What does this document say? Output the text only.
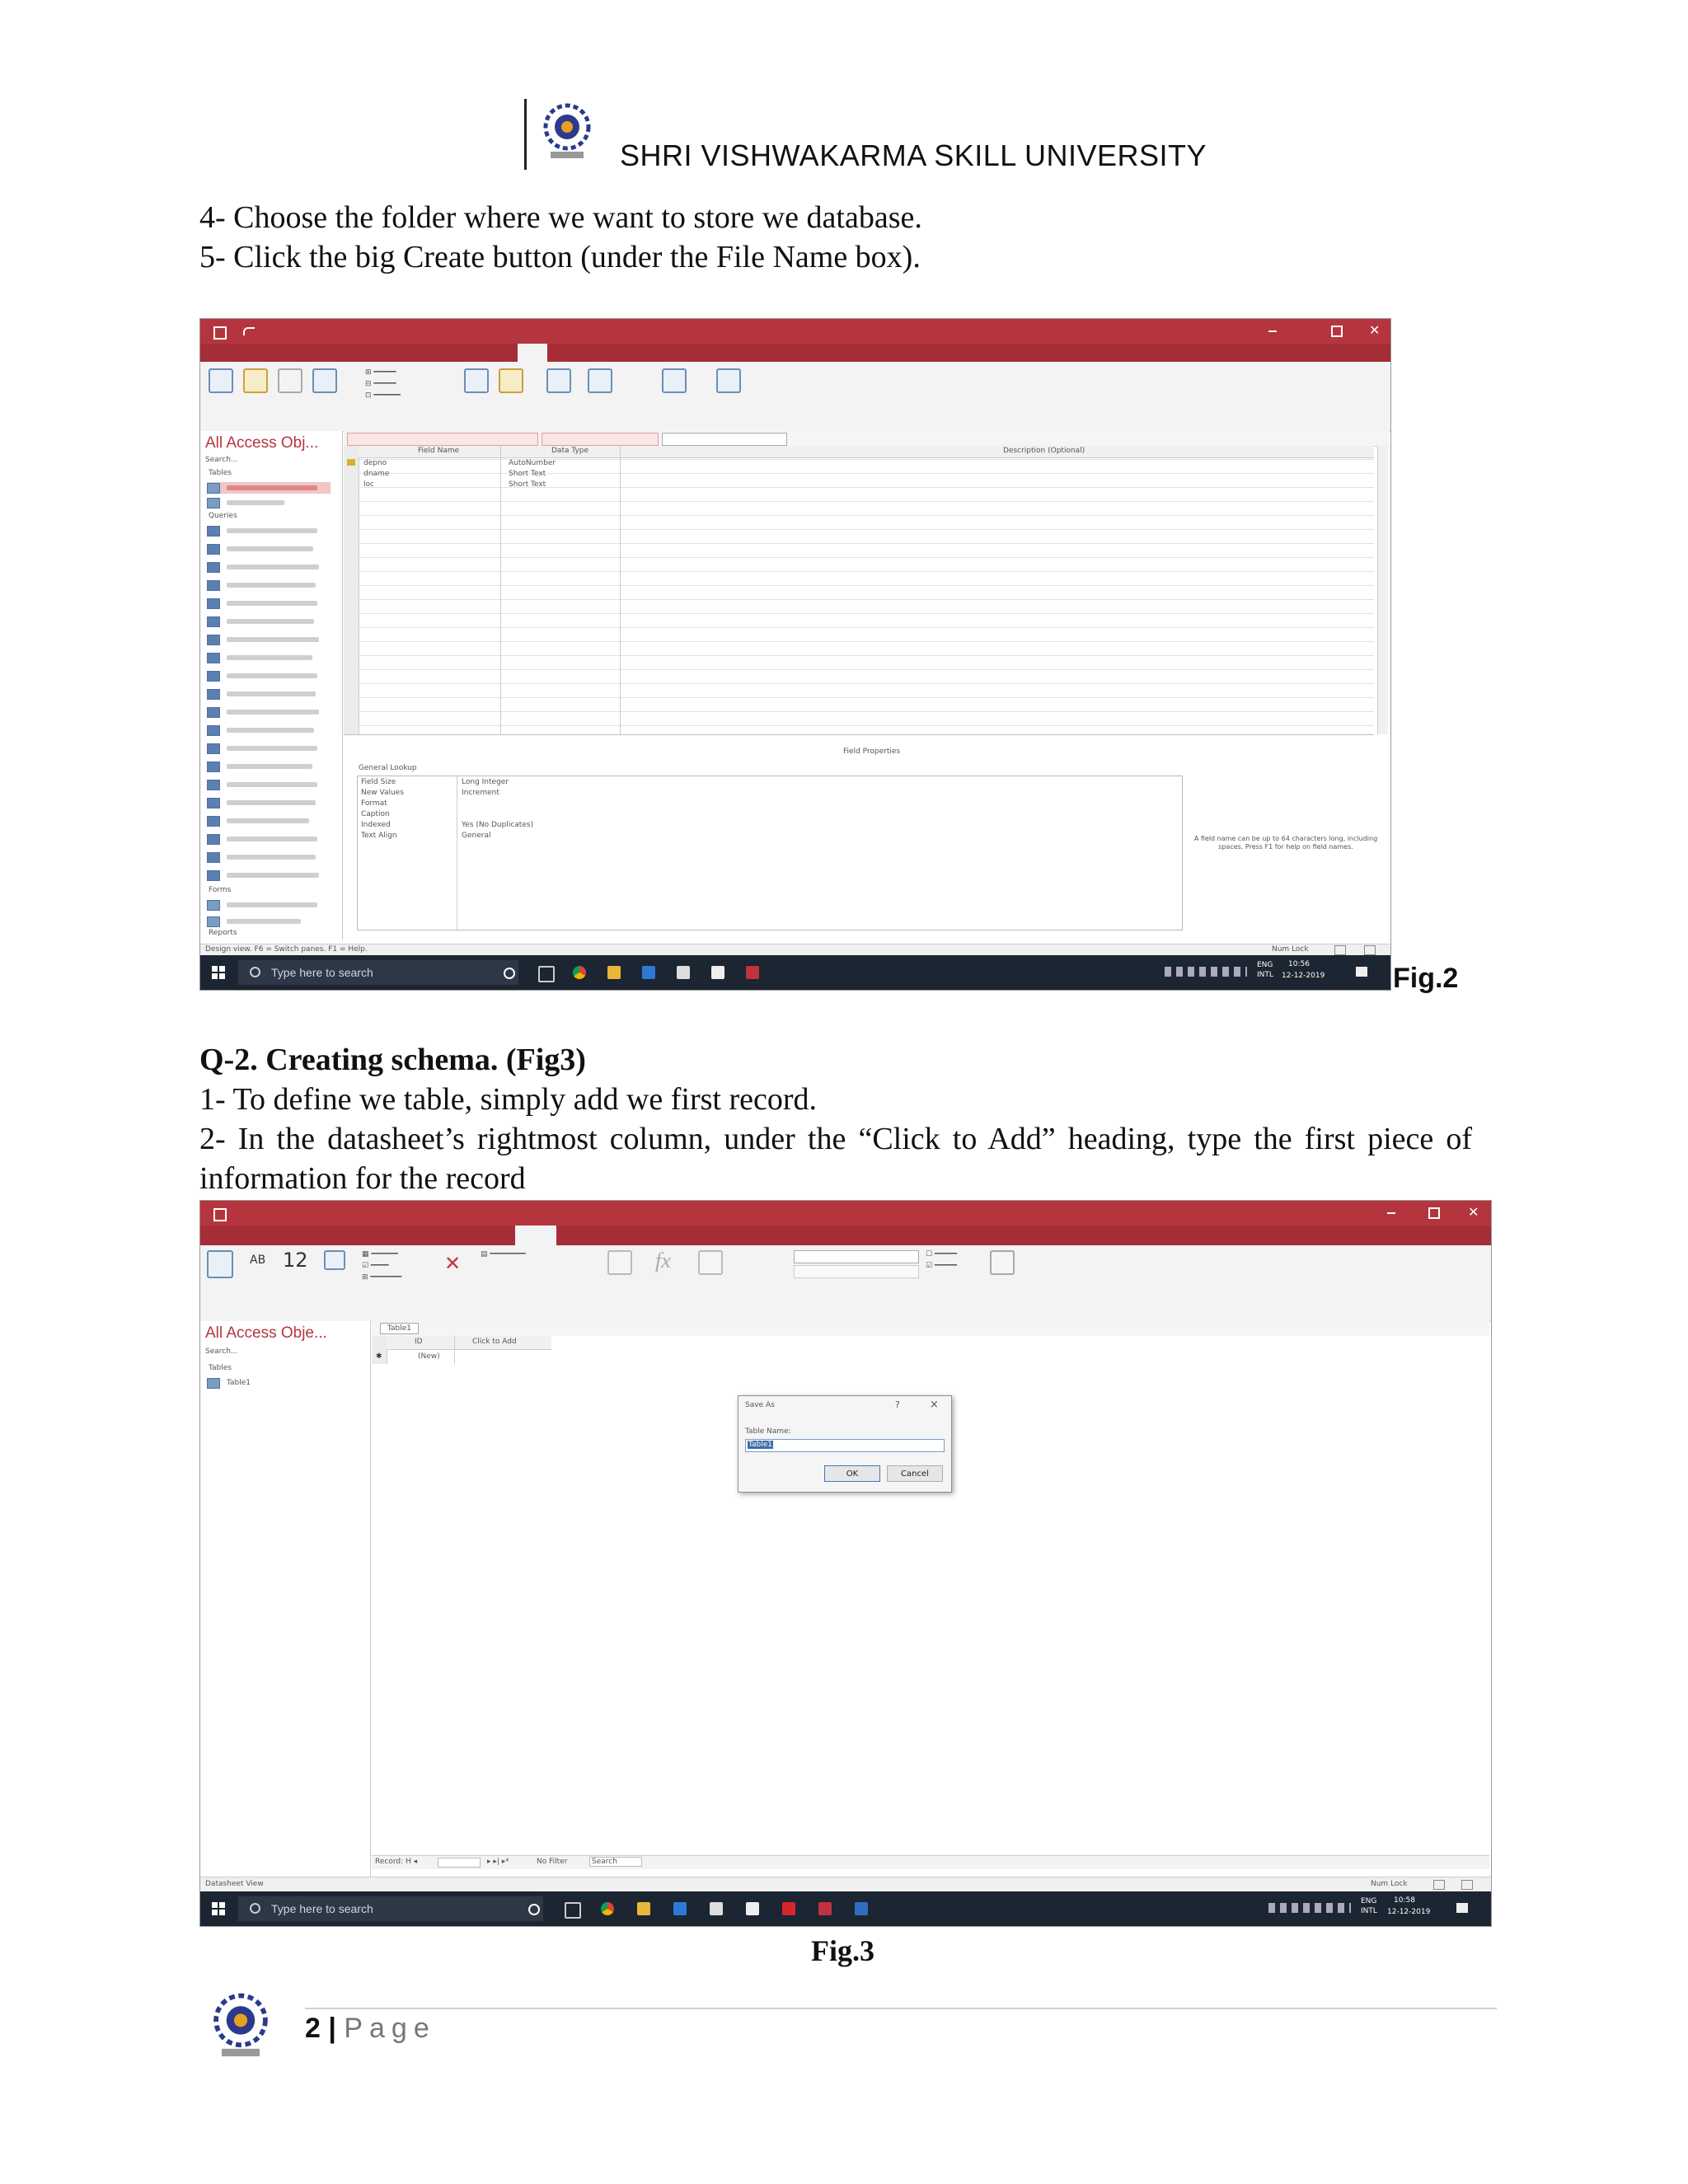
SHRI VISHWAKARMA SKILL UNIVERSITY
4- Choose the folder where we want to store we database.
5- Click the big Create button (under the File Name box).
✕
⊞ ━━━━━
⊟ ━━━━━
⊡ ━━━━━━
All Access Obj...
Search...
Tables
Queries
Forms
Reports
Field Name	Data Type	Description (Optional)
depno	AutoNumber
dname	Short Text
loc	Short Text
Field Properties
General Lookup
Field Size	Long Integer
New Values	Increment
Format
Caption
Indexed	Yes (No Duplicates)
Text Align	General	A field name can be up to 64 characters long, including spaces. Press F1 for help on field names.
Design view. F6 = Switch panes. F1 = Help.	Num Lock
Type here to search
ENG
INTL
10:56
12-12-2019 Fig.2
Q-2. Creating schema. (Fig3)
1- To define we table, simply add we first record.
2- In the datasheet’s rightmost column, under the “Click to Add” heading, type the first piece of
information for the record
✕
AB 12	▦ ━━━━━━
☑ ━━━━
⊞ ━━━━━━━
✕	▤ ━━━━━━━━	fx	☐ ━━━━━
☑ ━━━━━
All Access Obje...
Search...
Tables
Table1
Table1
ID	Click to Add
✱	(New)
Save As	?	×
Table Name:
Table1
OK	Cancel
Record: H ◂	▸ ▸| ▸*	No Filter	Search
Datasheet View	Num Lock
Type here to search
ENG
INTL
10:58
12-12-2019
Fig.3
2 | Page
